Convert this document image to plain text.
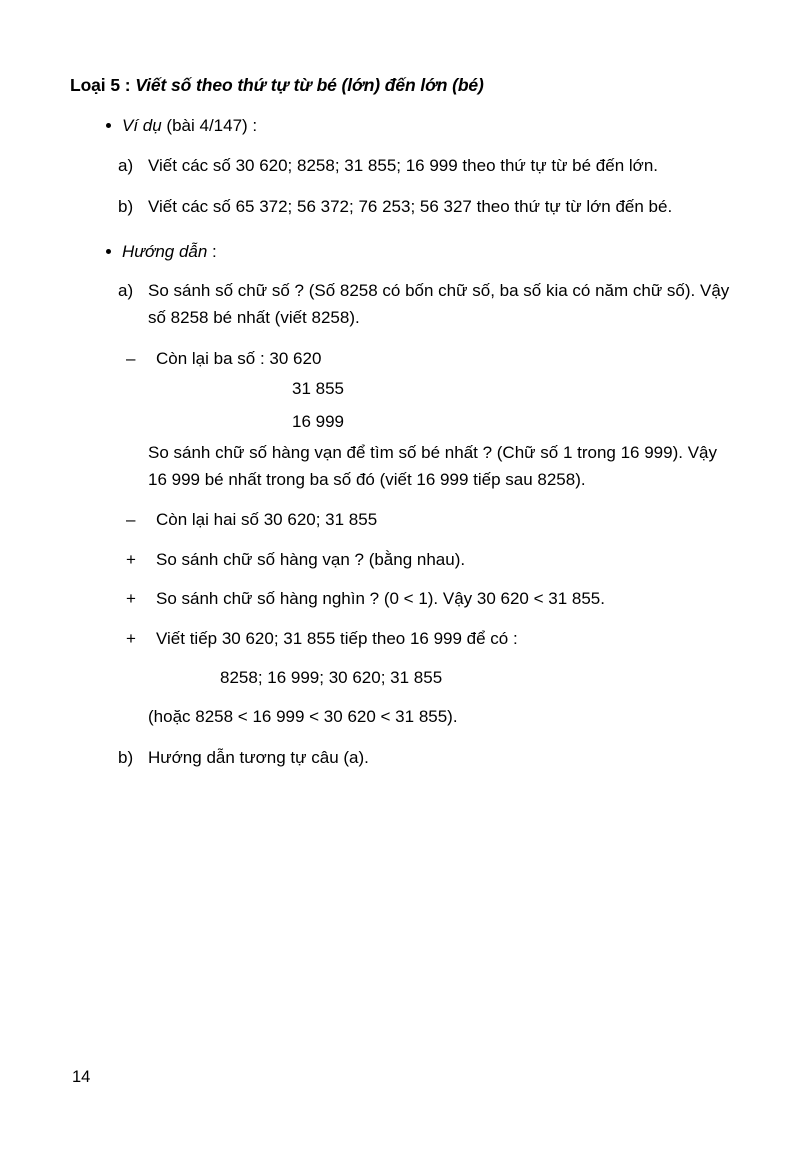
Loại 5 : Viết số theo thứ tự từ bé (lớn) đến lớn (bé)
Ví dụ (bài 4/147) :
a) Viết các số 30 620; 8258; 31 855; 16 999 theo thứ tự từ bé đến lớn.
b) Viết các số 65 372; 56 372; 76 253; 56 327 theo thứ tự từ lớn đến bé.
Hướng dẫn :
a) So sánh số chữ số ? (Số 8258 có bốn chữ số, ba số kia có năm chữ số). Vậy số 8258 bé nhất (viết 8258).
–	Còn lại ba số : 30 620
31 855
16 999
So sánh chữ số hàng vạn để tìm số bé nhất ? (Chữ số 1 trong 16 999). Vậy 16 999 bé nhất trong ba số đó (viết 16 999 tiếp sau 8258).
–	Còn lại hai số 30 620; 31 855
+	So sánh chữ số hàng vạn ? (bằng nhau).
+	So sánh chữ số hàng nghìn ? (0 < 1). Vậy 30 620 < 31 855.
+	Viết tiếp 30 620; 31 855 tiếp theo 16 999 để có :
8258; 16 999; 30 620; 31 855
(hoặc 8258 < 16 999 < 30 620 < 31 855).
b) Hướng dẫn tương tự câu (a).
14
